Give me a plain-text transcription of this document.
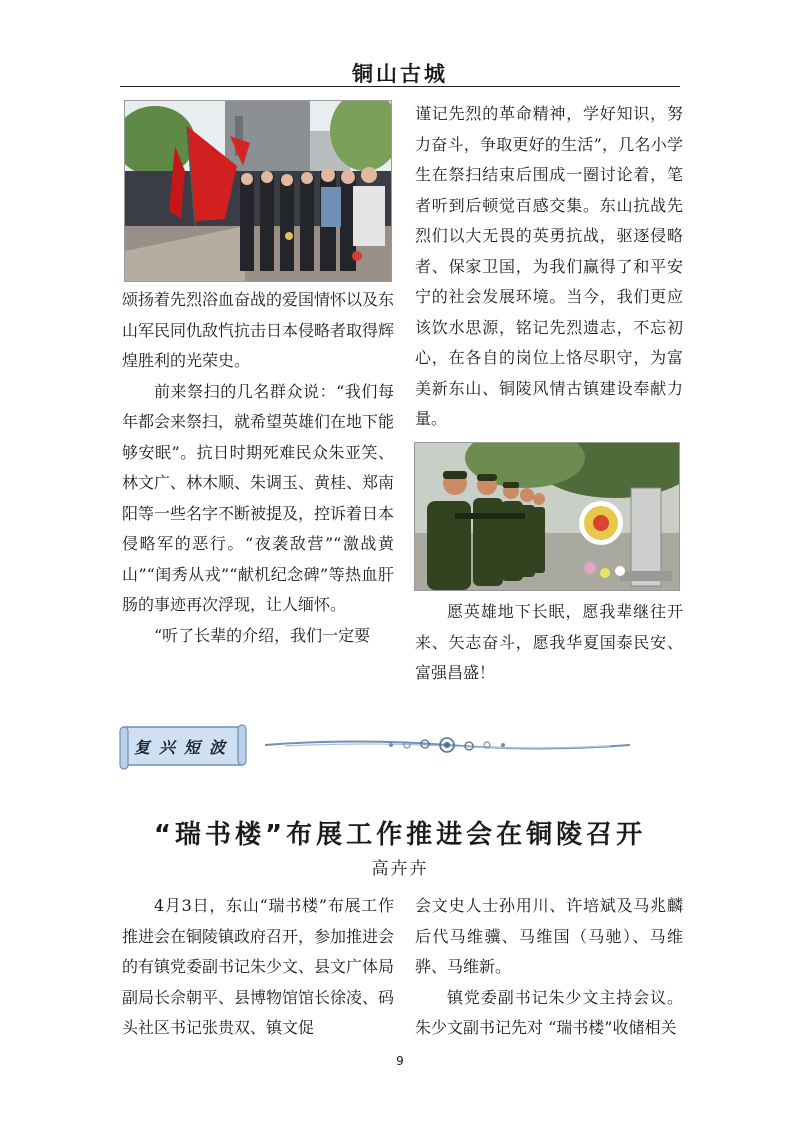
铜山古城

颂扬着先烈浴血奋战的爱国情怀以及东山军民同仇敌忾抗击日本侵略者取得辉煌胜利的光荣史。

前来祭扫的几名群众说：“我们每年都会来祭扫，就希望英雄们在地下能够安眠”。抗日时期死难民众朱亚笑、林文广、林木顺、朱调玉、黄桂、郑南阳等一些名字不断被提及，控诉着日本侵略军的恶行。“夜袭敌营”“激战黄山”“闺秀从戎”“献机纪念碑”等热血肝肠的事迹再次浮现，让人缅怀。

“听了长辈的介绍，我们一定要

谨记先烈的革命精神，学好知识，努力奋斗，争取更好的生活”，几名小学生在祭扫结束后围成一圈讨论着，笔者听到后顿觉百感交集。东山抗战先烈们以大无畏的英勇抗战，驱逐侵略者、保家卫国，为我们赢得了和平安宁的社会发展环境。当今，我们更应该饮水思源，铭记先烈遗志，不忘初心，在各自的岗位上恪尽职守，为富美新东山、铜陵风情古镇建设奉献力量。

愿英雄地下长眠，愿我辈继往开来、矢志奋斗，愿我华夏国泰民安、富强昌盛！

复兴短波
“瑞书楼”布展工作推进会在铜陵召开
高卉卉

4月3日，东山“瑞书楼”布展工作推进会在铜陵镇政府召开，参加推进会的有镇党委副书记朱少文、县文广体局副局长佘朝平、县博物馆馆长徐凌、码头社区书记张贵双、镇文促

会文史人士孙用川、许培斌及马兆麟后代马维骥、马维国（马驰）、马维骅、马维新。

镇党委副书记朱少文主持会议。朱少文副书记先对 “瑞书楼”收储相关

9
